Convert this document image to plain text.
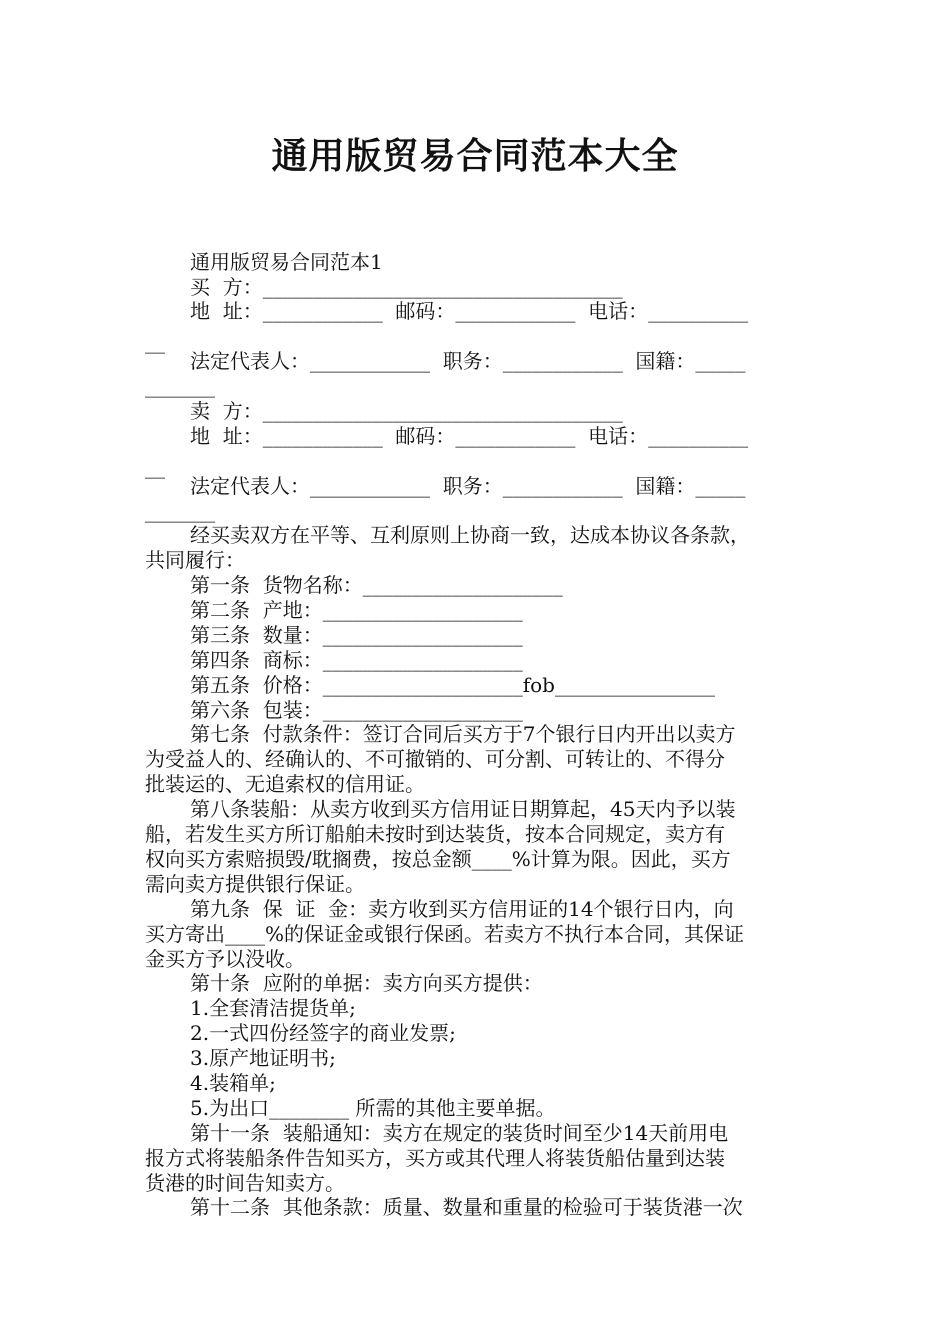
通用版贸易合同范本大全

通用版贸易合同范本1

买  方：____________________________________

地  址：____________  邮码：____________  电话：__________

__

法定代表人：____________  职务：____________  国籍：_____

_______

卖  方：____________________________________

地  址：____________  邮码：____________  电话：__________

__

法定代表人：____________  职务：____________  国籍：_____

_______

经买卖双方在平等、互利原则上协商一致，达成本协议各条款，

共同履行：

第一条  货物名称：____________________

第二条  产地：____________________

第三条  数量：____________________

第四条  商标：____________________

第五条  价格：____________________fob________________

第六条  包装：____________________

第七条  付款条件：签订合同后买方于7个银行日内开出以卖方

为受益人的、经确认的、不可撤销的、可分割、可转让的、不得分

批装运的、无追索权的信用证。

第八条装船：从卖方收到买方信用证日期算起，45天内予以装

船，若发生买方所订船舶未按时到达装货，按本合同规定，卖方有

权向买方索赔损毁/耽搁费，按总金额____%计算为限。因此，买方

需向卖方提供银行保证。

第九条  保  证  金：卖方收到买方信用证的14个银行日内，向

买方寄出____%的保证金或银行保函。若卖方不执行本合同，其保证

金买方予以没收。

第十条  应附的单据：卖方向买方提供：

1.全套清洁提货单;

2.一式四份经签字的商业发票;

3.原产地证明书;

4.装箱单;

5.为出口________ 所需的其他主要单据。

第十一条  装船通知：卖方在规定的装货时间至少14天前用电

报方式将装船条件告知买方，买方或其代理人将装货船估量到达装

货港的时间告知卖方。

第十二条  其他条款：质量、数量和重量的检验可于装货港一次
